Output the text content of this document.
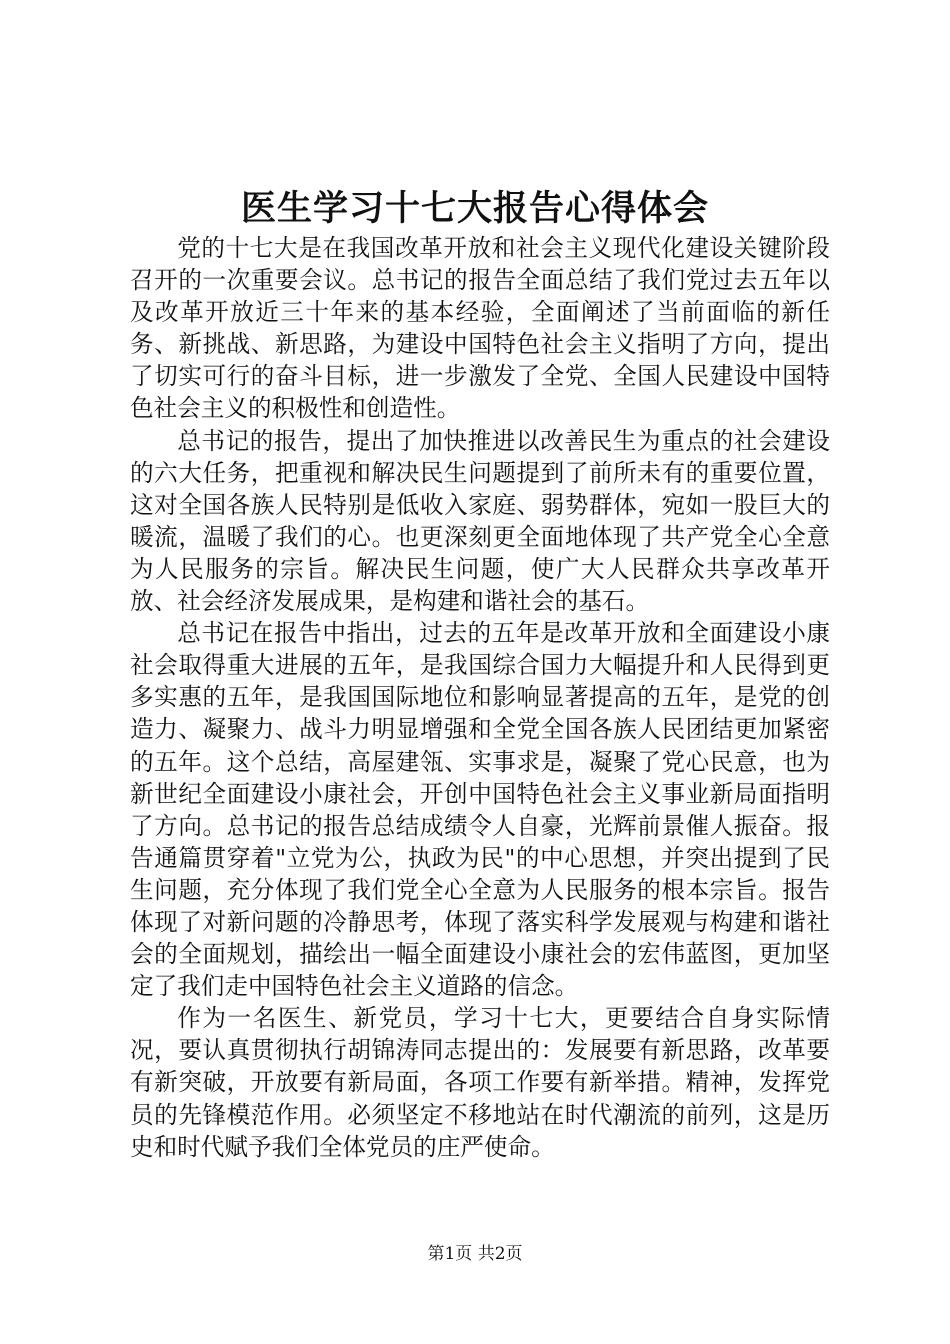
医生学习十七大报告心得体会

党的十七大是在我国改革开放和社会主义现代化建设关键阶段召开的一次重要会议。总书记的报告全面总结了我们党过去五年以及改革开放近三十年来的基本经验，全面阐述了当前面临的新任务、新挑战、新思路，为建设中国特色社会主义指明了方向，提出了切实可行的奋斗目标，进一步激发了全党、全国人民建设中国特色社会主义的积极性和创造性。

总书记的报告，提出了加快推进以改善民生为重点的社会建设的六大任务，把重视和解决民生问题提到了前所未有的重要位置，这对全国各族人民特别是低收入家庭、弱势群体，宛如一股巨大的暖流，温暖了我们的心。也更深刻更全面地体现了共产党全心全意为人民服务的宗旨。解决民生问题，使广大人民群众共享改革开放、社会经济发展成果，是构建和谐社会的基石。

总书记在报告中指出，过去的五年是改革开放和全面建设小康社会取得重大进展的五年，是我国综合国力大幅提升和人民得到更多实惠的五年，是我国国际地位和影响显著提高的五年，是党的创造力、凝聚力、战斗力明显增强和全党全国各族人民团结更加紧密的五年。这个总结，高屋建瓴、实事求是，凝聚了党心民意，也为新世纪全面建设小康社会，开创中国特色社会主义事业新局面指明了方向。总书记的报告总结成绩令人自豪，光辉前景催人振奋。报告通篇贯穿着"立党为公，执政为民"的中心思想，并突出提到了民生问题，充分体现了我们党全心全意为人民服务的根本宗旨。报告体现了对新问题的冷静思考，体现了落实科学发展观与构建和谐社会的全面规划，描绘出一幅全面建设小康社会的宏伟蓝图，更加坚定了我们走中国特色社会主义道路的信念。

作为一名医生、新党员，学习十七大，更要结合自身实际情况，要认真贯彻执行胡锦涛同志提出的：发展要有新思路，改革要有新突破，开放要有新局面，各项工作要有新举措。精神，发挥党员的先锋模范作用。必须坚定不移地站在时代潮流的前列，这是历史和时代赋予我们全体党员的庄严使命。

第1页 共2页
